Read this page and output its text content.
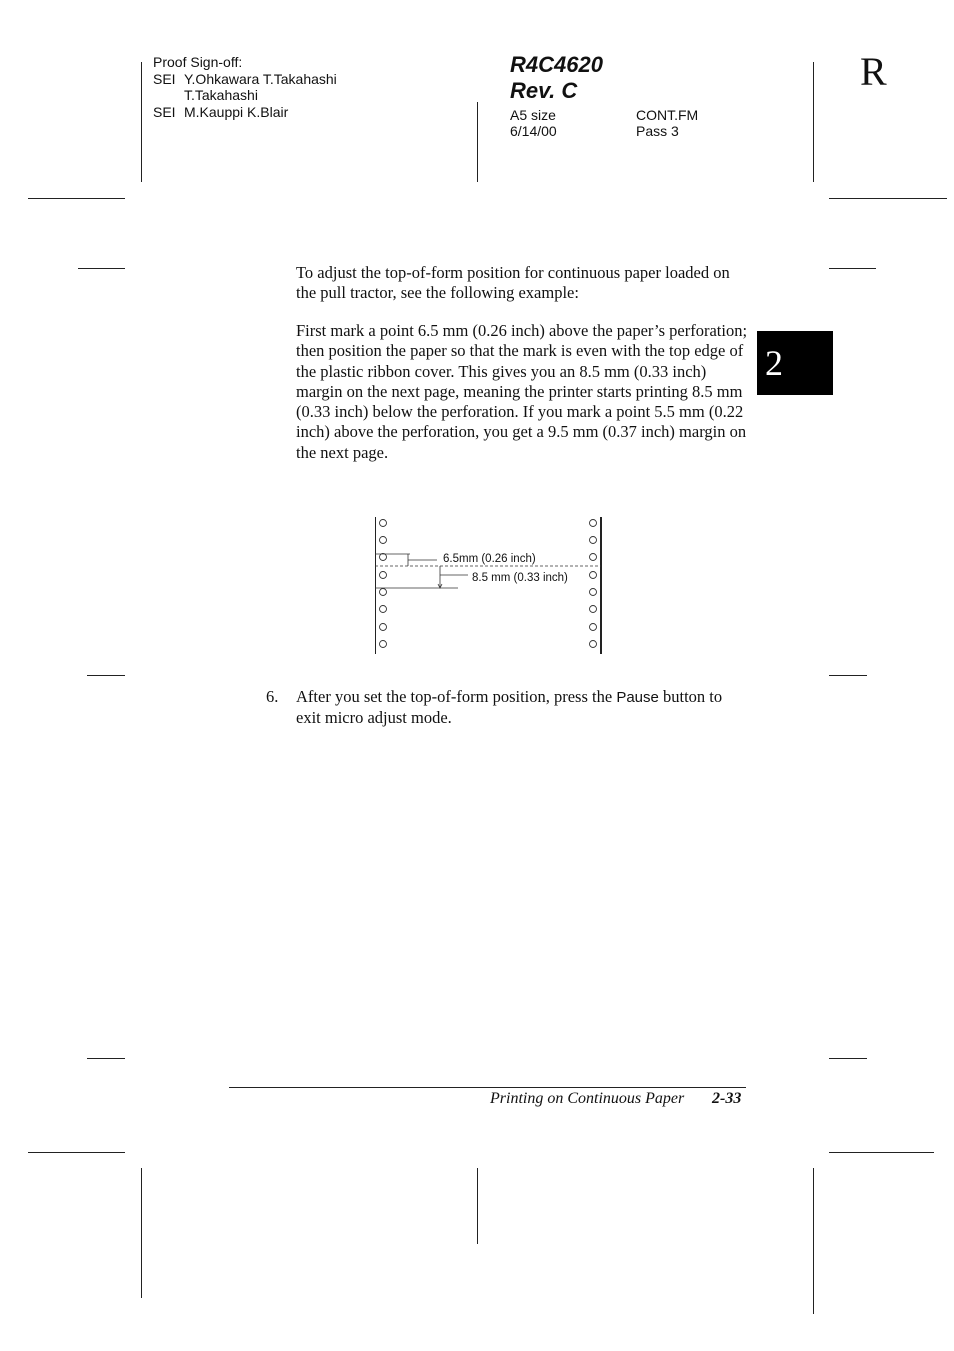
Proof Sign-off:
SEI Y.Ohkawara T.Takahashi
T.Takahashi
SEI M.Kauppi K.Blair
R4C4620
Rev. C
A5 size
6/14/00
CONT.FM
Pass 3
R
2
To adjust the top-of-form position for continuous paper loaded on the pull tractor, see the following example:
First mark a point 6.5 mm (0.26 inch) above the paper’s perforation; then position the paper so that the mark is even with the top edge of the plastic ribbon cover. This gives you an 8.5 mm (0.33 inch) margin on the next page, meaning the printer starts printing 8.5 mm (0.33 inch) below the perforation. If you mark a point 5.5 mm (0.22 inch) above the perforation, you get a 9.5 mm (0.37 inch) margin on the next page.
6.5mm (0.26 inch)
8.5 mm (0.33 inch)
6. After you set the top-of-form position, press the Pause button to exit micro adjust mode.
Printing on Continuous Paper 2-33
